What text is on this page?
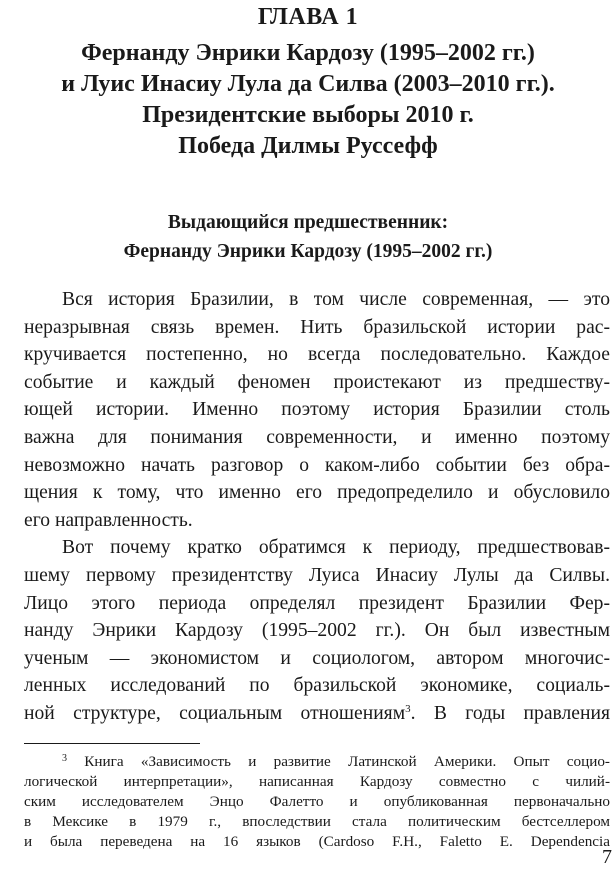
ГЛАВА 1
Фернанду Энрики Кардозу (1995–2002 гг.)
и Луис Инасиу Лула да Силва (2003–2010 гг.).
Президентские выборы 2010 г.
Победа Дилмы Руссефф
Выдающийся предшественник:
Фернанду Энрики Кардозу (1995–2002 гг.)
Вся история Бразилии, в том числе современная, — это
неразрывная связь времен. Нить бразильской истории рас-
кручивается постепенно, но всегда последовательно. Каждое
событие и каждый феномен проистекают из предшеству-
ющей истории. Именно поэтому история Бразилии столь
важна для понимания современности, и именно поэтому
невозможно начать разговор о каком-либо событии без обра-
щения к тому, что именно его предопределило и обусловило
его направленность.
Вот почему кратко обратимся к периоду, предшествовав-
шему первому президентству Луиса Инасиу Лулы да Силвы.
Лицо этого периода определял президент Бразилии Фер-
нанду Энрики Кардозу (1995–2002 гг.). Он был известным
ученым — экономистом и социологом, автором многочис-
ленных исследований по бразильской экономике, социаль-
ной структуре, социальным отношениям$^3$. В годы правления
$^3$ Книга «Зависимость и развитие Латинской Америки. Опыт социо-
логической интерпретации», написанная Кардозу совместно с чилий-
ским исследователем Энцо Фалетто и опубликованная первоначально
в Мексике в 1979 г., впоследствии стала политическим бестселлером
и была переведена на 16 языков (Cardoso F.H., Faletto E. Dependencia
7
